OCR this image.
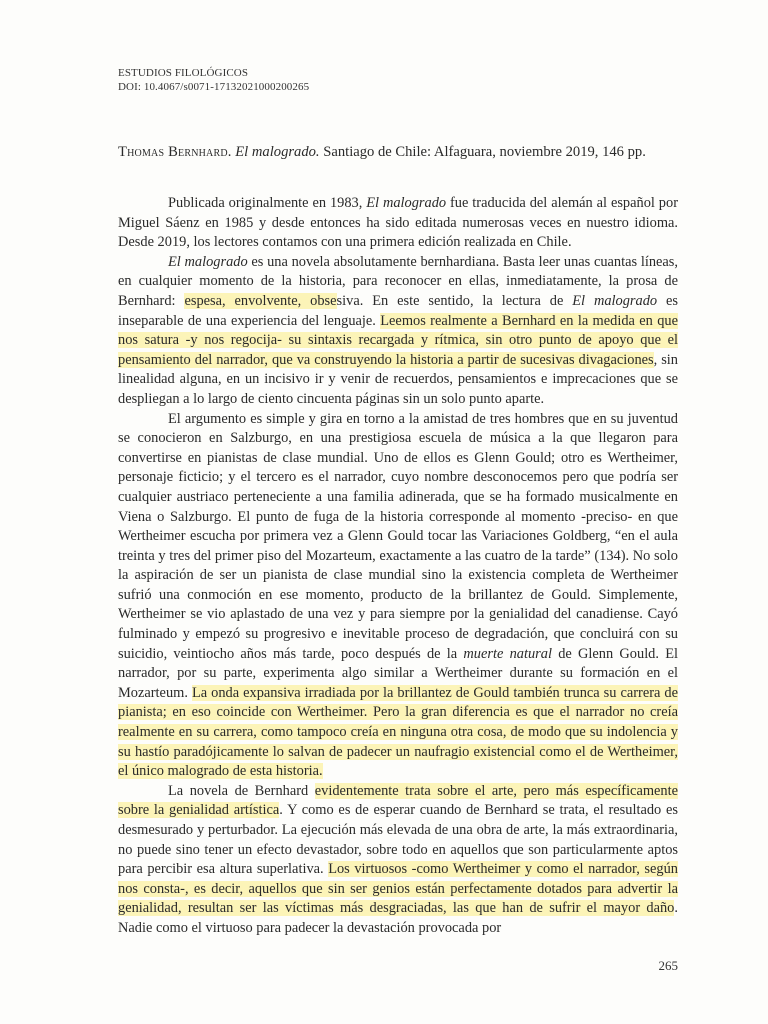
ESTUDIOS FILOLÓGICOS
DOI: 10.4067/s0071-17132021000200265
Thomas Bernhard. El malogrado. Santiago de Chile: Alfaguara, noviembre 2019, 146 pp.

Publicada originalmente en 1983, El malogrado fue traducida del alemán al español por Miguel Sáenz en 1985 y desde entonces ha sido editada numerosas veces en nuestro idioma. Desde 2019, los lectores contamos con una primera edición realizada en Chile.

El malogrado es una novela absolutamente bernhardiana. Basta leer unas cuantas líneas, en cualquier momento de la historia, para reconocer en ellas, inmediatamente, la prosa de Bernhard: espesa, envolvente, obsesiva. En este sentido, la lectura de El malogrado es inseparable de una experiencia del lenguaje. Leemos realmente a Bernhard en la medida en que nos satura -y nos regocija- su sintaxis recargada y rítmica, sin otro punto de apoyo que el pensamiento del narrador, que va construyendo la historia a partir de sucesivas divagaciones, sin linealidad alguna, en un incisivo ir y venir de recuerdos, pensamientos e imprecaciones que se despliegan a lo largo de ciento cincuenta páginas sin un solo punto aparte.

El argumento es simple y gira en torno a la amistad de tres hombres que en su juventud se conocieron en Salzburgo, en una prestigiosa escuela de música a la que llegaron para convertirse en pianistas de clase mundial. Uno de ellos es Glenn Gould; otro es Wertheimer, personaje ficticio; y el tercero es el narrador, cuyo nombre desconocemos pero que podría ser cualquier austriaco perteneciente a una familia adinerada, que se ha formado musicalmente en Viena o Salzburgo. El punto de fuga de la historia corresponde al momento -preciso- en que Wertheimer escucha por primera vez a Glenn Gould tocar las Variaciones Goldberg, “en el aula treinta y tres del primer piso del Mozarteum, exactamente a las cuatro de la tarde” (134). No solo la aspiración de ser un pianista de clase mundial sino la existencia completa de Wertheimer sufrió una conmoción en ese momento, producto de la brillantez de Gould. Simplemente, Wertheimer se vio aplastado de una vez y para siempre por la genialidad del canadiense. Cayó fulminado y empezó su progresivo e inevitable proceso de degradación, que concluirá con su suicidio, veintiocho años más tarde, poco después de la muerte natural de Glenn Gould. El narrador, por su parte, experimenta algo similar a Wertheimer durante su formación en el Mozarteum. La onda expansiva irradiada por la brillantez de Gould también trunca su carrera de pianista; en eso coincide con Wertheimer. Pero la gran diferencia es que el narrador no creía realmente en su carrera, como tampoco creía en ninguna otra cosa, de modo que su indolencia y su hastío paradójicamente lo salvan de padecer un naufragio existencial como el de Wertheimer, el único malogrado de esta historia.

La novela de Bernhard evidentemente trata sobre el arte, pero más específicamente sobre la genialidad artística. Y como es de esperar cuando de Bernhard se trata, el resultado es desmesurado y perturbador. La ejecución más elevada de una obra de arte, la más extraordinaria, no puede sino tener un efecto devastador, sobre todo en aquellos que son particularmente aptos para percibir esa altura superlativa. Los virtuosos -como Wertheimer y como el narrador, según nos consta-, es decir, aquellos que sin ser genios están perfectamente dotados para advertir la genialidad, resultan ser las víctimas más desgraciadas, las que han de sufrir el mayor daño. Nadie como el virtuoso para padecer la devastación provocada por

265
